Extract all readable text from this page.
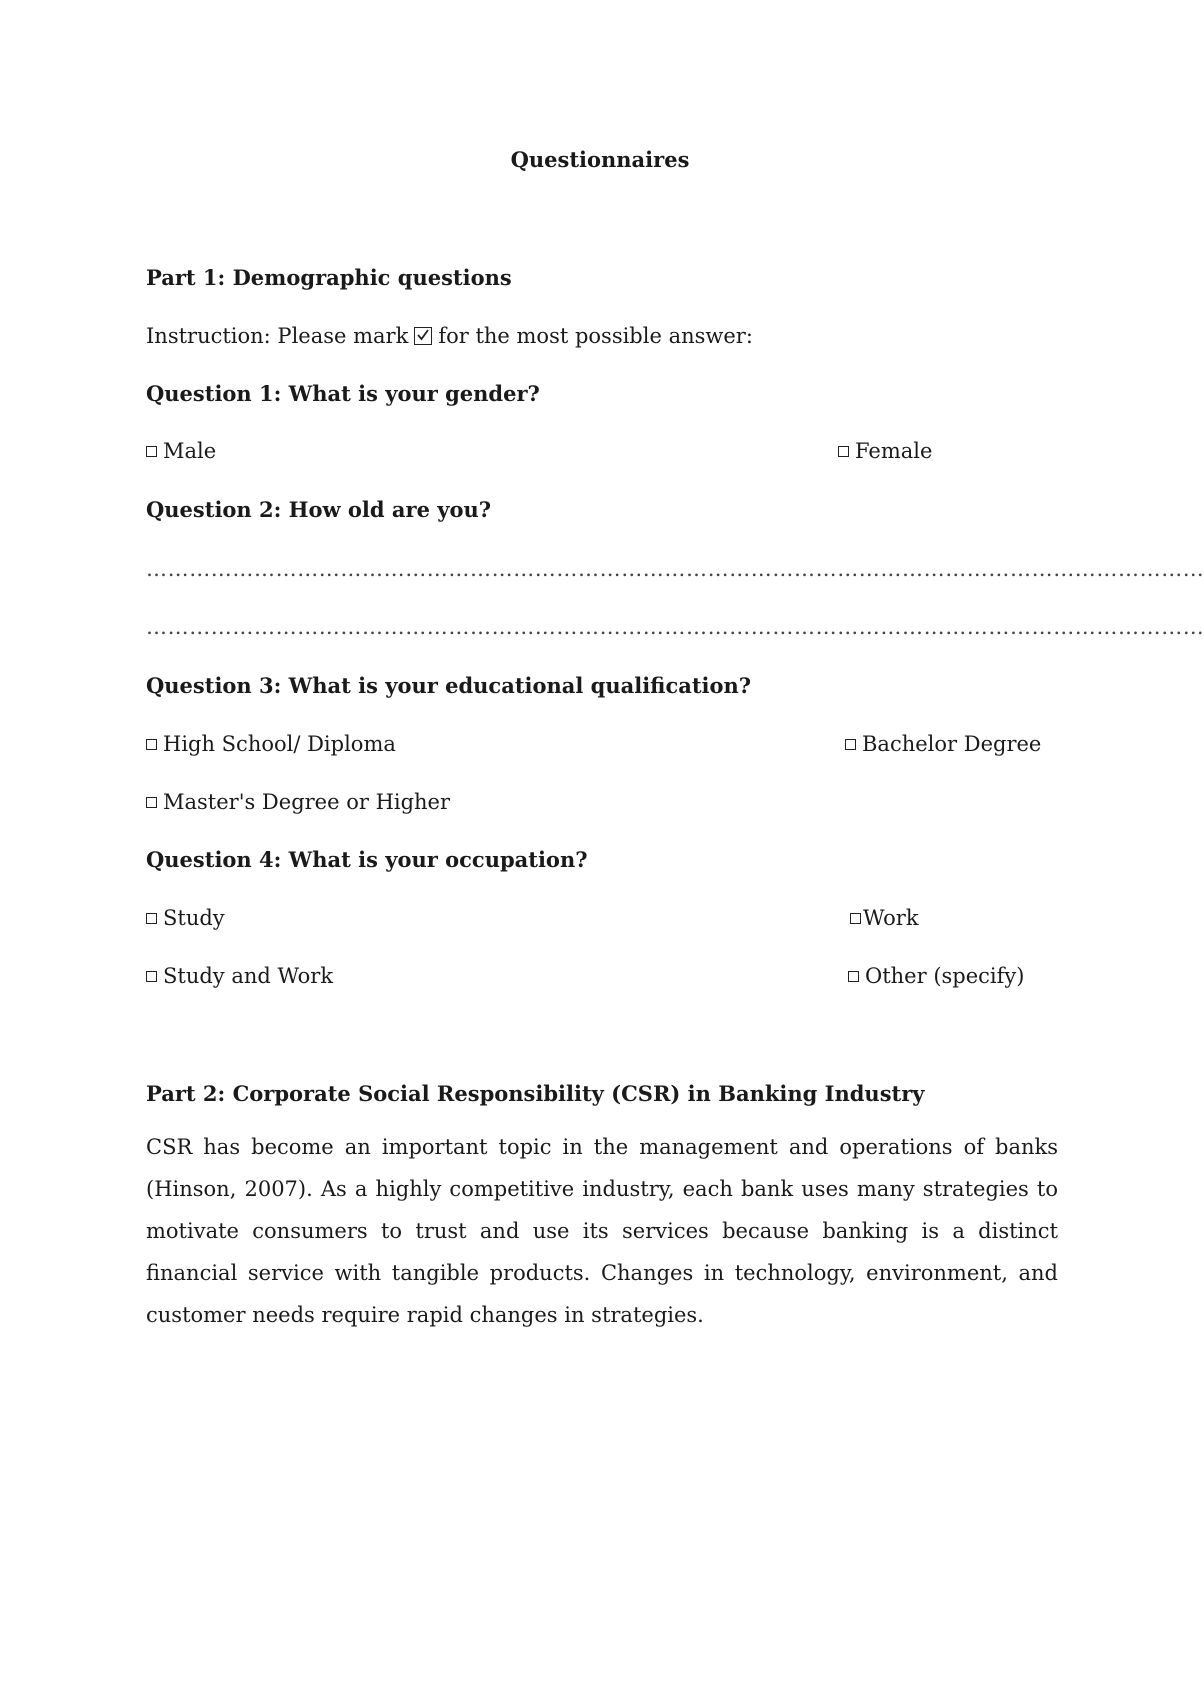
Questionnaires
Part 1: Demographic questions
Instruction: Please mark for the most possible answer:
Question 1: What is your gender?
Male	Female
Question 2: How old are you?
…………………………………………………………………………………………………………………………………
…………………………………………………………………………………………………………………………………
Question 3: What is your educational qualification?
High School/ Diploma	Bachelor Degree
Master's Degree or Higher
Question 4: What is your occupation?
Study	Work
Study and Work	Other (specify)
Part 2: Corporate Social Responsibility (CSR) in Banking Industry
CSR has become an important topic in the management and operations of banks (Hinson, 2007). As a highly competitive industry, each bank uses many strategies to motivate consumers to trust and use its services because banking is a distinct financial service with tangible products. Changes in technology, environment, and customer needs require rapid changes in strategies.
